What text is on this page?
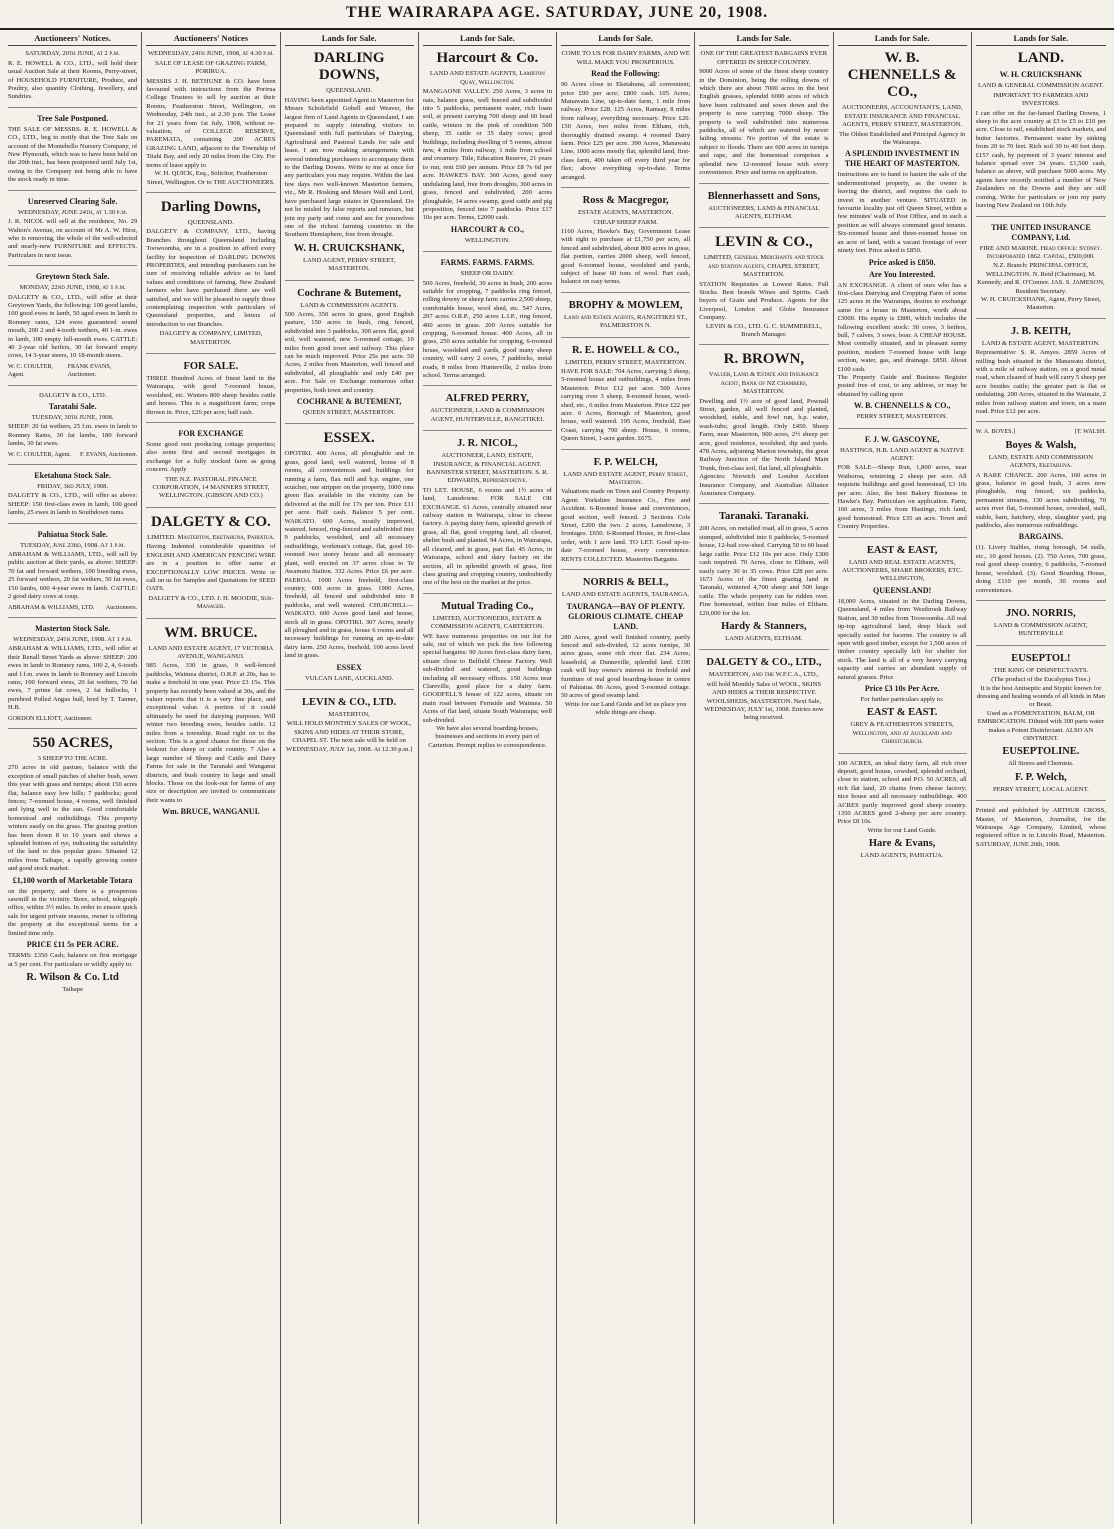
THE WAIRARAPA AGE. SATURDAY, JUNE 20, 1908.
Auctioneers' Notices.
SATURDAY, 20th JUNE, at 2 p.m.
R. E. HOWELL & CO., LTD., will hold their usual Auction Sale at their Rooms, Perry-street, of HOUSEHOLD FURNITURE, Produce, and Poultry, also quantity Clothing, Jewellery, and Sundries.
Tree Sale Postponed.
THE SALE OF MESSRS. R. E. HOWELL & CO., LTD., beg to notify that the Tree Sale on account of the Montebello Nursery Company, of New Plymouth, which was to have been held on the 20th inst., has been postponed until July 1st, owing to the Company not being able to have the stock ready in time.
Unreserved Clearing Sale.
WEDNESDAY, JUNE 24th, at 1.30 p.m.
J. R. NICOL will sell at the residence, No. 29 Walton's Avenue, on account of Mr A. W. Hirst, who is removing, the whole of the well-selected and nearly-new FURNITURE and EFFECTS. Particulars in next issue.
Greytown Stock Sale.
MONDAY, 22nd JUNE, 1908, at 1 p.m.
DALGETY & CO., LTD., will offer at their Greytown Yards, the following: 100 good lambs, 100 good ewes in lamb, 50 aged ewes in lamb to Romney rams, 124 ewes guaranteed sound mouth, 200 2 and 4-tooth wethers, 40 1-m. ewes in lamb, 100 empty full-mouth ewes. CATTLE: 40 2-year old heifers, 30 fat forward empty cows, 14 3-year steers, 10 18-month steers.
W. C. COULTER, Agent.
FRANK EVANS, Auctioneer.
DALGETY & CO., LTD.
Taratahi Sale.
TUESDAY, 30th JUNE, 1908.
SHEEP: 20 fat wethers, 25 f.m. ewes in lamb to Romney Rams, 30 fat lambs, 180 forward lambs, 30 fat ewes.
W. C. COULTER, Agent. F. EVANS, Auctioneer.
Eketahuna Stock Sale.
FRIDAY, 3rd JULY, 1908.
DALGETY & CO., LTD., will offer as above: SHEEP: 150 first-class ewes in lamb, 100 good lambs, 25 ewes in lamb to Southdown rams.
Pahiatua Stock Sale.
TUESDAY, June 23rd, 1908. At 1 p.m.
ABRAHAM & WILLIAMS, LTD., will sell by public auction at their yards, as above: SHEEP: 70 fat and forward wethers, 100 breeding ewes, 25 forward wethers, 20 fat wethers, 50 fat ewes, 150 lambs, 600 4-year ewes in lamb. CATTLE: 2 good dairy cows at coup.
ABRAHAM & WILLIAMS, LTD. Auctioneers.
Masterton Stock Sale.
WEDNESDAY, 24th JUNE, 1908. At 1 p.m.
ABRAHAM & WILLIAMS, LTD., will offer at their Renall Street Yards as above: SHEEP: 200 ewes in lamb to Romney rams, 100 2, 4, 6-tooth and f.f.m. ewes in lamb to Romney and Lincoln rams, 100 forward ewes, 20 fat wethers, 70 fat ewes, 7 prime fat cows, 2 fat bullocks, 1 purebred Polled Angus bull, bred by T. Tanner, H.B.
GORDON ELLIOTT, Auctioneer.
550 ACRES,
3 SHEEP TO THE ACRE.
270 acres in old pasture, balance with the exception of small patches of shelter bush, sown this year with grass and turnips; about 150 acres flat, balance easy low hills; 7 paddocks; good fences; 7-roomed house, 4 rooms, well finished and lying well to the sun. Good comfortable homestead and outbuildings. This property winters easily on the grass. The grazing portion has been down 8 to 10 years and shows a splendid bottom of rye, indicating the suitability of the land to this popular grass. Situated 12 miles from Taihape, a rapidly growing centre and good stock market.
£1,100 worth of Marketable Totara
on the property, and there is a prosperous sawmill in the vicinity. Store, school, telegraph office, within 3½ miles. In order to ensure quick sale for urgent private reasons, owner is offering the property at the exceptional terms for a limited time only.
PRICE £11 5s PER ACRE.
TERMS: £350 Cash; balance on first mortgage at 5 per cent. For particulars or wildly apply to:
R. Wilson & Co. Ltd
Taihape
Auctioneers' Notices
WEDNESDAY, 24th JUNE, 1908, at 4.30 p.m.
SALE OF LEASE OF GRAZING FARM, PORIRUA.
MESSRS J. H. BETHUNE & CO. have been favoured with instructions from the Porirua College Trustees to sell by auction at their Rooms, Featherston Street, Wellington, on Wednesday, 24th inst., at 2.30 p.m. The Lease for 21 years from 1st July, 1908, without re-valuation, of COLLEGE RESERVE, PAREMATA, containing 200 ACRES GRAZING LAND, adjacent to the Township of Titahi Bay, and only 20 miles from the City. For terms of lease apply to
W. H. QUICK, Esq., Solicitor, Featherston Street, Wellington. Or to THE AUCTIONEERS.
Darling Downs,
QUEENSLAND.
DALGETY & COMPANY, LTD., having Branches throughout Queensland including Toowoomba, are in a position to afford every facility for inspection of DARLING DOWNS PROPERTIES, and intending purchasers can be sure of receiving reliable advice as to land values and conditions of farming. New Zealand farmers who have purchased there are well satisfied, and we will be pleased to supply those contemplating inspection with particulars of Queensland properties, and letters of introduction to our Branches.
DALGETY & COMPANY, LIMITED, MASTERTON.
FOR SALE.
THREE Hundred Acres of finest land in the Wairarapa, with good 7-roomed house, woolshed, etc. Winters 800 sheep besides cattle and horses. This is a magnificent farm; crops thrown in. Price, £26 per acre; half cash.
FOR EXCHANGE
Some good rent producing cottage properties; also some first and second mortgages in exchange for a fully stocked farm as going concern. Apply
THE N.Z. PASTORAL FINANCE CORPORATION, 14 MANNERS STREET, WELLINGTON. (GIBSON AND CO.)
DALGETY & CO.
LIMITED. Masterton, Eketahuna, Pahiatua.
Having Indented considerable quantities of ENGLISH AND AMERICAN FENCING WIRE are in a position to offer same at EXCEPTIONALLY LOW PRICES. Write or call on us for Samples and Quotations for SEED OATS.
DALGETY & CO., LTD. J. H. MOODIE, Sub-Manager.
WM. BRUCE.
LAND AND ESTATE AGENT, 17 VICTORIA AVENUE, WANGANUI.
985 Acres, 330 in grass, 9 well-fenced paddocks, Waimea district, O.R.P. at 20s, has to make a freehold in one year. Price £3 15s. This property has recently been valued at 30s, and the valuer reports that it is a very fine place, and exceptional value. A portion of it could ultimately be used for dairying purposes. Will winter two breeding ewes, besides cattle. 12 miles from a township. Road right on to the section. This is a good chance for those on the lookout for sheep or cattle country. 7 Also a large number of Sheep and Cattle and Dairy Farms for sale in the Taranaki and Wanganui districts, and bush country in large and small blocks. Those on the look-out for farms of any size or description are invited to communicate their wants to
Wm. BRUCE, WANGANUI.
Lands for Sale.
DARLING DOWNS,
QUEENSLAND.
HAVING been appointed Agent in Masterton for Messrs Scholefield Gobell and Weaver, the largest firm of Land Agents in Queensland, I am prepared to supply intending visitors to Queensland with full particulars of Dairying, Agricultural and Pastoral Lands for sale and lease. I am now making arrangements with several intending purchasers to accompany them to the Darling Downs. Write to me at once for any particulars you may require. Within the last few days two well-known Masterton farmers, viz., Mr R. Hosking and Messrs Wall and Lord, have purchased large estates in Queensland. Do not be misled by false reports and rumours, but join my party and come and see for yourselves one of the richest farming countries in the Southern Hemisphere, free from drought.
W. H. CRUICKSHANK,
LAND AGENT, PERRY STREET, MASTERTON.
Cochrane & Butement,
LAND & COMMISSION AGENTS.
500 Acres, 350 acres in grass, good English pasture, 150 acres in bush, ring fenced, subdivided into 3 paddocks, 300 acres flat, good soil, well watered, new 5-roomed cottage, 10 miles from good town and railway. This place can be much improved. Price 25s per acre. 50 Acres, 2 miles from Masterton, well fenced and subdivided, all ploughable and only £40 per acre. For Sale or Exchange numerous other properties, both town and country.
COCHRANE & BUTEMENT,
QUEEN STREET, MASTERTON.
ESSEX.
OPOTIKI. 406 Acres, all ploughable and in grass, good land, well watered, house of 8 rooms, all conveniences and buildings for running a farm, flax mill and h.p. engine, one scutcher, one stripper on the property, 1000 tons green flax available in the vicinity can be delivered at the mill for 17s per ton. Price £11 per acre. Half cash. Balance 5 per cent. WAIKATO. 600 Acres, mostly improved, watered, fenced, ring-fenced and subdivided into 9 paddocks, woolshed, and all necessary outbuildings, workman's cottage, flat, good 10-roomed two storey house and all necessary plant, well erected on 37 acres close to Te Awamutu Station. 332 Acres. Price £6 per acre. PAEROA. 1000 Acres freehold, first-class country, 600 acres in grass. 1900 Acres, freehold, all fenced and subdivided into 8 paddocks, and well watered. CHURCHILL—WAIKATO. 600 Acres good land and house, stock all in grass. OPOTIKI. 307 Acres, nearly all ploughed and in grass, house 6 rooms and all necessary buildings for running an up-to-date dairy farm. 250 Acres, freehold, 100 acres level land in grass.
ESSEX
VULCAN LANE, AUCKLAND.
LEVIN & CO., LTD.
MASTERTON,
WILL HOLD MONTHLY SALES OF WOOL, SKINS AND HIDES AT THEIR STORE, CHAPEL ST. The next sale will be held on WEDNESDAY, JULY 1st, 1908. At 12.30 p.m.]
Lands for Sale.
Harcourt & Co.
LAND AND ESTATE AGENTS, Lambton Quay, Wellington.
MANGAONE VALLEY. 250 Acres, 3 acres in oats, balance grass, well fenced and subdivided into 5 paddocks, permanent water, rich loam soil, at present carrying 700 sheep and 60 head cattle, winters in the pink of condition 500 sheep, 35 cattle or 35 dairy cows; good buildings, including dwelling of 5 rooms, almost new, 4 miles from railway, 1 mile from school and creamery. Title, Education Reserve, 21 years to run, rent £60 per annum. Price £8 7s 6d per acre. HAWKE'S BAY. 360 Acres, good easy undulating land, free from droughts, 360 acres in grass, fenced and subdivided, 200 acres ploughable, 14 acres swamp, good cattle and pig proposition, fenced into 7 paddocks. Price £17 10s per acre. Terms, £2000 cash.
HARCOURT & CO.,
WELLINGTON.
FARMS. FARMS. FARMS.
SHEEP OR DAIRY.
500 Acres, freehold, 30 acres in bush, 200 acres suitable for cropping, 7 paddocks ring fenced, rolling downy or sheep farm carries 2,500 sheep, comfortable house, wool shed, etc. 547 Acres, 297 acres O.R.P., 250 acres L.I.P., ring fenced, 400 acres in grass. 200 Acres suitable for cropping, 6-roomed house. 400 Acres, all in grass, 250 acres suitable for cropping, 6-roomed house, woolshed and yards, good many sheep country, will carry 2 cows, 7 paddocks, metal roads, 8 miles from Hunterville, 2 miles from school. Terms arranged.
ALFRED PERRY,
AUCTIONEER, LAND & COMMISSION AGENT, HUNTERVILLE, RANGITIKEI.
J. R. NICOL,
AUCTIONEER, LAND, ESTATE, INSURANCE, & FINANCIAL AGENT. BANNISTER STREET, MASTERTON. S. R. EDWARDS, Representative.
TO LET. HOUSE, 6 rooms and 1½ acres of land, Lansdowne. FOR SALE OR EXCHANGE. 61 Acres, centrally situated near railway station in Wairarapa, close to cheese factory. A paying dairy farm, splendid growth of grass, all flat, good cropping land, all cleared, shelter bush and planted. 94 Acres, in Wairarapa, all cleared, and in grass, part flat. 45 Acres, in Wairarapa, school and dairy factory on the section, all in splendid growth of grass, first class grazing and cropping country, undoubtedly one of the best on the market at the price.
Mutual Trading Co.,
LIMITED, AUCTIONEERS, ESTATE & COMMISSION AGENTS, CARTERTON.
WE have numerous properties on our list for sale, out of which we pick the few following special bargains: 90 Acres first-class dairy farm, situate close to Belfield Cheese Factory. Well sub-divided and watered, good buildings including all necessary offices. 150 Acres near Clareville, good place for a dairy farm. GOODFELL'S house of 122 acres, situate on main road between Fernside and Waimea. 50 Acres of flat land, situate South Wairarapa; well sub-divided.
We have also several boarding-houses, businesses and sections in every part of Carterton. Prompt replies to correspondence.
Lands for Sale.
COME TO US FOR DAIRY FARMS, AND WE WILL MAKE YOU PROSPEROUS.
Read the Following:
90 Acres close to Eketahuna, all convenient; price £90 per acre; £800 cash. 105 Acres, Manawatu Line, up-to-date farm, 1 mile from railway. Price £28. 125 Acres, Ramsay, 8 miles from railway, everything necessary. Price £20. 150 Acres, two miles from Eltham, rich, thoroughly drained swamp. 4 roomed Dairy farm. Price £25 per acre. 390 Acres, Manawatu Line, 1000 acres mostly flat, splendid land, first-class farm, 400 taken off every third year for flax; above everything up-to-date. Terms arranged.
Ross & Macgregor,
ESTATE AGENTS, MASTERTON.
CHEAP SHEEP FARM.
1160 Acres, Hawke's Bay, Government Lease with right to purchase at £1,750 per acre, all fenced and subdivided, about 800 acres in grass, flat portion, carries 2000 sheep, well fenced, good 6-roomed house, woolshed and yards, subject of lease 60 tons of wool. Part cash, balance on easy terms.
BROPHY & MOWLEM,
Land and Estate Agents, RANGITIKEI ST., PALMERSTON N.
R. E. HOWELL & CO.,
LIMITED, PERRY STREET, MASTERTON.
HAVE FOR SALE: 704 Acres, carrying 3 sheep, 5-roomed house and outbuildings, 4 miles from Masterton. Price £12 per acre. 500 Acres carrying over 3 sheep, 8-roomed house, wool-shed, etc., 6 miles from Masterton. Price £22 per acre. 6 Acres, Borough of Masterton, good house, well watered. 195 Acres, freehold, East Coast, carrying 700 sheep. House, 6 rooms, Queen Street, 1-acre garden. £675.
F. P. WELCH,
LAND AND ESTATE AGENT, Perry Street, Masterton.
Valuations made on Town and Country Property. Agent: Yorkshire Insurance Co., Fire and Accident. 6-Roomed house and conveniences, good section, well fenced. 2 Sections Cole Street, £200 the two. 2 acres, Lansdowne, 3 frontages. £650. 6-Roomed House, in first-class order, with 1 acre land. TO LET. Good up-to-date 7-roomed house, every convenience. RENTS COLLECTED. Masterton Bargains.
NORRIS & BELL,
LAND AND ESTATE AGENTS, TAURANGA.
TAURANGA—BAY OF PLENTY. GLORIOUS CLIMATE. CHEAP LAND.
280 Acres, good well finished country, partly fenced and sub-divided, 12 acres turnips, 30 acres grass, some rich river flat. 234 Acres, leasehold, at Dunneville, splendid land. £100 cash will buy owner's interest in freehold and furniture of real good boarding-house in centre of Pahiatua. 86 Acres, good 5-roomed cottage. 50 acres of good swamp land.
Write for our Land Guide and let us place you while things are cheap.
Lands for Sale.
ONE OF THE GREATEST BARGAINS EVER OFFERED IN SHEEP COUNTRY.
9000 Acres of some of the finest sheep country in the Dominion, being the rolling downs of which there are about 7000 acres in the best English grasses, splendid 6000 acres of which have been cultivated and sown down and the property is now carrying 7000 sheep. The property is well subdivided into numerous paddocks, all of which are watered by never failing streams. No portion of the estate is subject to floods. There are 600 acres in turnips and rape, and the homestead comprises a splendid new 12-roomed house with every convenience. Price and terms on application.
Blennerhassett and Sons,
AUCTIONEERS, LAND & FINANCIAL AGENTS, ELTHAM.
LEVIN & CO.,
LIMITED, General Merchants and Stock and Station Agents, CHAPEL STREET, MASTERTON.
STATION Requisites at Lowest Rates. Full Stocks. Best brands Wines and Spirits. Cash buyers of Grain and Produce. Agents for the Liverpool, London and Globe Insurance Company.
LEVIN & CO., LTD. G. C. SUMMERELL, Branch Manager.
R. BROWN,
Valuer, Land & Estate and Insurance Agent, Bank of NZ Chambers, MASTERTON.
Dwelling and 1½ acre of good land, Pownall Street, garden, all well fenced and planted, woodshed, stable, and fowl run, h.p. water, wash-tubs; good length. Only £450. Sheep Farm, near Masterton, 900 acres, 2½ sheep per acre, good residence, woolshed, dip and yards. 478 Acres, adjoining Marton township, the great Railway Junction of the North Island Main Trunk, first-class soil, flat land, all ploughable.
Agencies: Norwich and London Accident Insurance Company, and Australian Alliance Assurance Company.
Taranaki. Taranaki.
200 Acres, on metalled road, all in grass, 5 acres stumped, subdivided into 6 paddocks, 5-roomed house, 12-bail cow-shed. Carrying 50 to 60 head large cattle. Price £12 10s per acre. Only £300 cash required. 70 Acres, close to Eltham, will easily carry 30 to 35 cows. Price £28 per acre. 1673 Acres of the finest grazing land in Taranaki, wintered 4,700 sheep and 500 large cattle. The whole property can be ridden over. Fine homestead, within four miles of Eltham. £20,000 for the lot.
Hardy & Stanners,
LAND AGENTS, ELTHAM.
DALGETY & CO., LTD.,
MASTERTON, and the W.F.C.A., LTD.,
will hold Monthly Sales of WOOL, SKINS AND HIDES at THEIR RESPECTIVE WOOLSHEDS, MASTERTON. Next Sale, WEDNESDAY, JULY 1st, 1908. Entries now being received.
Lands for Sale.
W. B. CHENNELLS & CO.,
AUCTIONEERS, ACCOUNTANTS, LAND, ESTATE INSURANCE AND FINANCIAL AGENTS, PERRY STREET, MASTERTON.
The Oldest Established and Principal Agency in the Wairarapa.
A SPLENDID INVESTMENT IN THE HEART OF MASTERTON.
Instructions are to hand to hasten the sale of the undermentioned property, as the owner is leaving the district, and requires the cash to invest in another venture. SITUATED in favourite locality just off Queen Street, within a few minutes' walk of Post Office, and in such a position as will always command good tenants. Six-roomed house and three-roomed house on an acre of land, with a vacant frontage of over ninety feet. Price asked is £850.
Price asked is £850.
Are You Interested.
AN EXCHANGE. A client of ours who has a first-class Dairying and Cropping Farm of some 125 acres in the Wairarapa, desires to exchange same for a house in Masterton, worth about £3000. His equity is £800, which includes the following excellent stock: 30 cows, 3 heifers, bull, 7 calves, 3 sows, boar. A CHEAP HOUSE. Most centrally situated, and in pleasant sunny position, modern 7-roomed house with large section, water, gas, and drainage. £850. About £100 cash.
The Property Guide and Business Register posted free of cost, to any address, or may be obtained by calling upon
W. B. CHENNELLS & CO.,
PERRY STREET, MASTERTON.
F. J. W. GASCOYNE,
HASTINGS, H.B. LAND AGENT & NATIVE AGENT.
FOR SALE—Sheep Run, 1,800 acres, near Waihoroa, wintering 2 sheep per acre. All requisite buildings and good homestead, £3 10s per acre. Also, the best Bakery Business in Hawke's Bay. Particulars on application. Farm, 160 acres, 3 miles from Hastings, rich land, good homestead. Price £35 an acre. Town and Country Properties.
EAST & EAST,
LAND AND REAL ESTATE AGENTS, AUCTIONEERS, SHARE BROKERS, ETC. WELLINGTON,
QUEENSLAND!
18,000 Acres, situated in the Darling Downs, Queensland, 4 miles from Westbrook Railway Station, and 30 miles from Toowoomba. All real tip-top agricultural land, deep black soil specially suited for lucerne. The country is all open with good timber, except for 1,500 acres of timber country specially left for shelter for stock. The land is all of a very heavy carrying capacity and carries an abundant supply of natural grasses. Price
Price £3 10s Per Acre.
For further particulars apply to:
EAST & EAST.
GREY & FEATHERSTON STREETS, Wellington, and at Auckland and Christchurch.
100 ACRES, an ideal dairy farm, all rich river deposit, good house, cowshed, splendid orchard, close to station, school and P.O. 50 ACRES, all rich flat land, 20 chains from cheese factory; nice house and all necessary outbuildings. 400 ACRES partly improved good sheep country. 1350 ACRES good 2-sheep per acre country. Price £8 10s.
Write for our Land Guide.
Hare & Evans,
LAND AGENTS, PAHIATUA.
Lands for Sale.
LAND.
W. H. CRUICKSHANK
LAND & GENERAL COMMISSION AGENT.
IMPORTANT TO FARMERS AND INVESTORS.
I can offer on the far-famed Darling Downs, 1 sheep to the acre country at £3 to £5 to £10 per acre. Close to rail, established stock markets, and butter factories. Permanent water by sinking from 20 to 70 feet. Rich soil 30 to 40 feet deep. £157 cash, by payment of 3 years' interest and balance spread over 34 years. £1,500 cash, balance as above, will purchase 5000 acres. My agents have recently notified a number of New Zealanders on the Downs and they are still coming. Write for particulars or join my party leaving New Zealand on 10th July.
THE UNITED INSURANCE COMPANY, Ltd.
FIRE AND MARINE. Head Office: Sydney. Incorporated 1862. Capital, £500,000.
N.Z. Branch: PRINCIPAL OFFICE, WELLINGTON. N. Reid (Chairman), M. Kennedy, and R. O'Connor. JAS. S. JAMESON, Resident Secretary.
W. H. CRUICKSHANK, Agent, Perry Street, Masterton.
J. B. KEITH,
LAND & ESTATE AGENT, MASTERTON.
Representative: S. R. Amyes. 2859 Acres of milling bush situated in the Manawatu district, with a mile of railway station, on a good metal road, when cleared of bush will carry 5 sheep per acre besides cattle; the greater part is flat or undulating. 200 Acres, situated in the Waimate, 2 miles from railway station and town, on a main road. Price £12 per acre.
W. A. BOYES.]	[T. WALSH.
Boyes & Walsh,
LAND, ESTATE AND COMMISSION AGENTS, Eketahuna.
A RARE CHANCE. 200 Acres, 160 acres in grass, balance in good bush, 3 acres now ploughable, ring fenced, six paddocks, permanent streams, 130 acres subdividing, 70 acres river flat, 5-roomed house, cowshed, stall, stable, barn, hatchery, shop, slaughter yard, pig paddocks, also numerous outbuildings.
BARGAINS.
(1). Livery Stables, rising borough, 54 stalls, etc., 10 good horses. (2). 750 Acres, 700 grass, real good sheep country, 6 paddocks, 7-roomed house, woolshed. (3). Good Boarding House, doing £110 per month, 30 rooms and conveniences.
JNO. NORRIS,
LAND & COMMISSION AGENT, HUNTERVILLE
EUSEPTOL!
THE KING OF DISINFECTANTS.
(The product of the Eucalyptus Tree.)
It is the best Antiseptic and Styptic known for dressing and healing wounds of all kinds in Man or Beast.
Used as a FOMENTATION, BALM, OR EMBROCATION. Diluted with 300 parts water makes a Potent Disinfectant. ALSO AN OINTMENT.
EUSEPTOLINE.
All Stores and Chemists.
F. P. Welch,
PERRY STREET, LOCAL AGENT.
Printed and published by ARTHUR CROSS, Master, of Masterton, Journalist, for the Wairarapa Age Company, Limited, whose registered office is in Lincoln Road, Masterton. SATURDAY, JUNE 20th, 1908.
